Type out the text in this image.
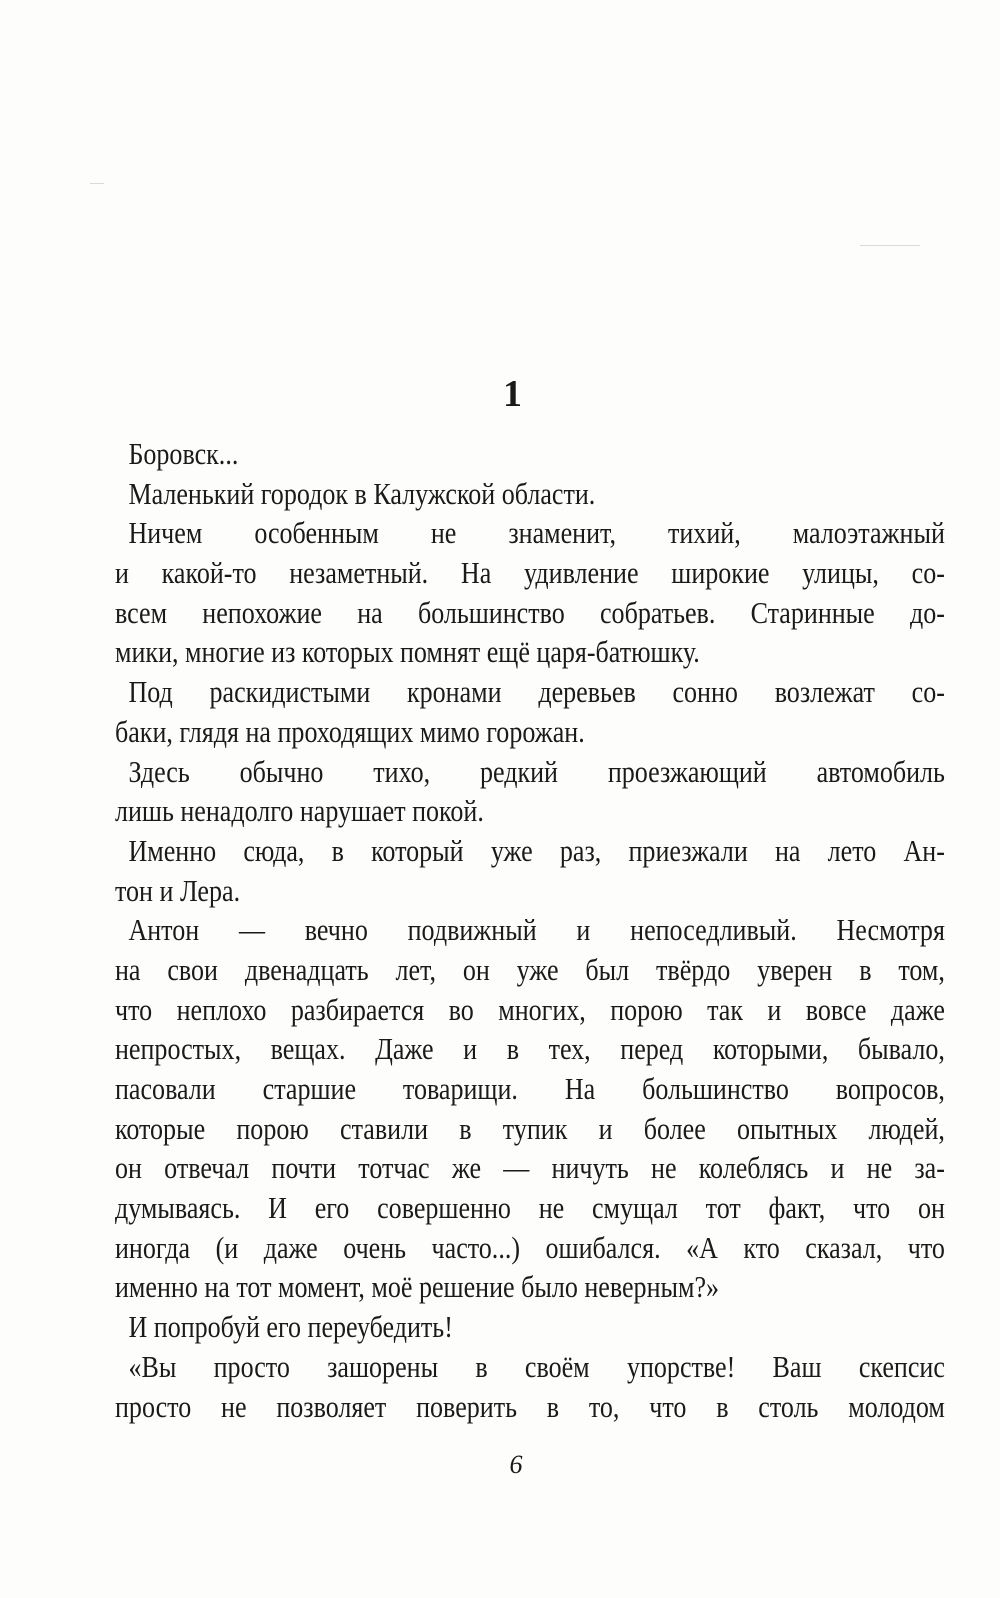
1
Боровск...
Маленький городок в Калужской области.
Ничем особенным не знаменит, тихий, малоэтажный
и какой-то незаметный. На удивление широкие улицы, со-
всем непохожие на большинство собратьев. Старинные до-
мики, многие из которых помнят ещё царя-батюшку.
Под раскидистыми кронами деревьев сонно возлежат со-
баки, глядя на проходящих мимо горожан.
Здесь обычно тихо, редкий проезжающий автомобиль
лишь ненадолго нарушает покой.
Именно сюда, в который уже раз, приезжали на лето Ан-
тон и Лера.
Антон — вечно подвижный и непоседливый. Несмотря
на свои двенадцать лет, он уже был твёрдо уверен в том,
что неплохо разбирается во многих, порою так и вовсе даже
непростых, вещах. Даже и в тех, перед которыми, бывало,
пасовали старшие товарищи. На большинство вопросов,
которые порою ставили в тупик и более опытных людей,
он отвечал почти тотчас же — ничуть не колеблясь и не за-
думываясь. И его совершенно не смущал тот факт, что он
иногда (и даже очень часто...) ошибался. «А кто сказал, что
именно на тот момент, моё решение было неверным?»
И попробуй его переубедить!
«Вы просто зашорены в своём упорстве! Ваш скепсис
просто не позволяет поверить в то, что в столь молодом
6
